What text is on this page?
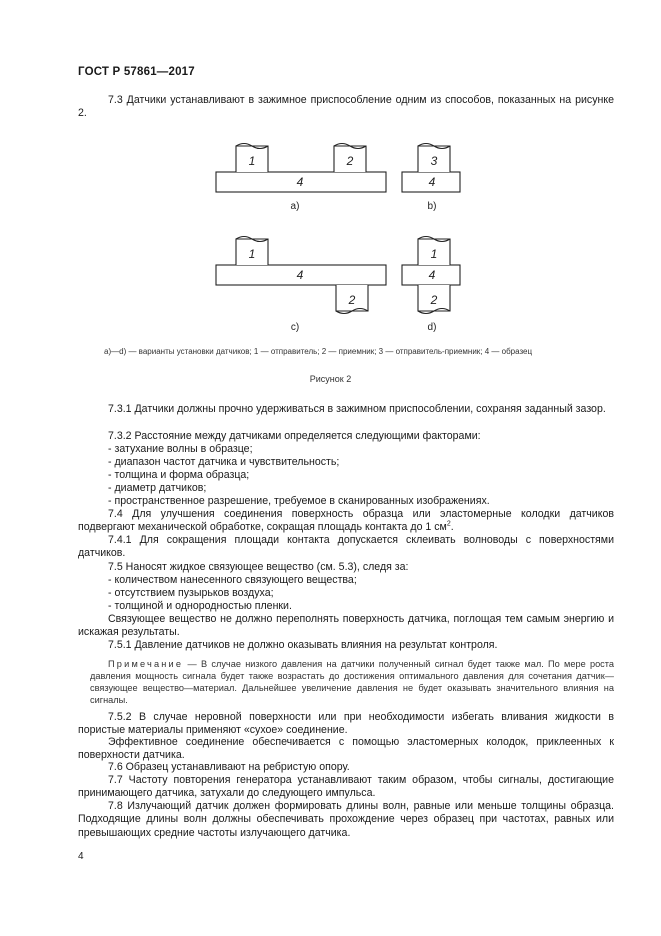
ГОСТ Р 57861—2017
7.3 Датчики устанавливают в зажимное приспособление одним из способов, показанных на рисунке 2.
1	2
4
3
4
1
4
2
1
4
2
a)	b)
c)	d)
a)—d) — варианты установки датчиков; 1 — отправитель; 2 — приемник; 3 — отправитель-приемник; 4 — образец
Рисунок 2
7.3.1 Датчики должны прочно удерживаться в зажимном приспособлении, сохраняя заданный зазор.
7.3.2 Расстояние между датчиками определяется следующими факторами:
- затухание волны в образце;
- диапазон частот датчика и чувствительность;
- толщина и форма образца;
- диаметр датчиков;
- пространственное разрешение, требуемое в сканированных изображениях.
7.4 Для улучшения соединения поверхность образца или эластомерные колодки датчиков подвергают механической обработке, сокращая площадь контакта до 1 $см^2$.
7.4.1 Для сокращения площади контакта допускается склеивать волноводы с поверхностями датчиков.
7.5 Наносят жидкое связующее вещество (см. 5.3), следя за:
- количеством нанесенного связующего вещества;
- отсутствием пузырьков воздуха;
- толщиной и однородностью пленки.
Связующее вещество не должно переполнять поверхность датчика, поглощая тем самым энергию и искажая результаты.
7.5.1 Давление датчиков не должно оказывать влияния на результат контроля.
Примечание — В случае низкого давления на датчики полученный сигнал будет также мал. По мере роста давления мощность сигнала будет также возрастать до достижения оптимального давления для сочетания датчик—связующее вещество—материал. Дальнейшее увеличение давления не будет оказывать значительного влияния на сигналы.
7.5.2 В случае неровной поверхности или при необходимости избегать вливания жидкости в пористые материалы применяют «сухое» соединение.
Эффективное соединение обеспечивается с помощью эластомерных колодок, приклеенных к поверхности датчика.
7.6 Образец устанавливают на ребристую опору.
7.7 Частоту повторения генератора устанавливают таким образом, чтобы сигналы, достигающие принимающего датчика, затухали до следующего импульса.
7.8 Излучающий датчик должен формировать длины волн, равные или меньше толщины образца. Подходящие длины волн должны обеспечивать прохождение через образец при частотах, равных или превышающих средние частоты излучающего датчика.
4
